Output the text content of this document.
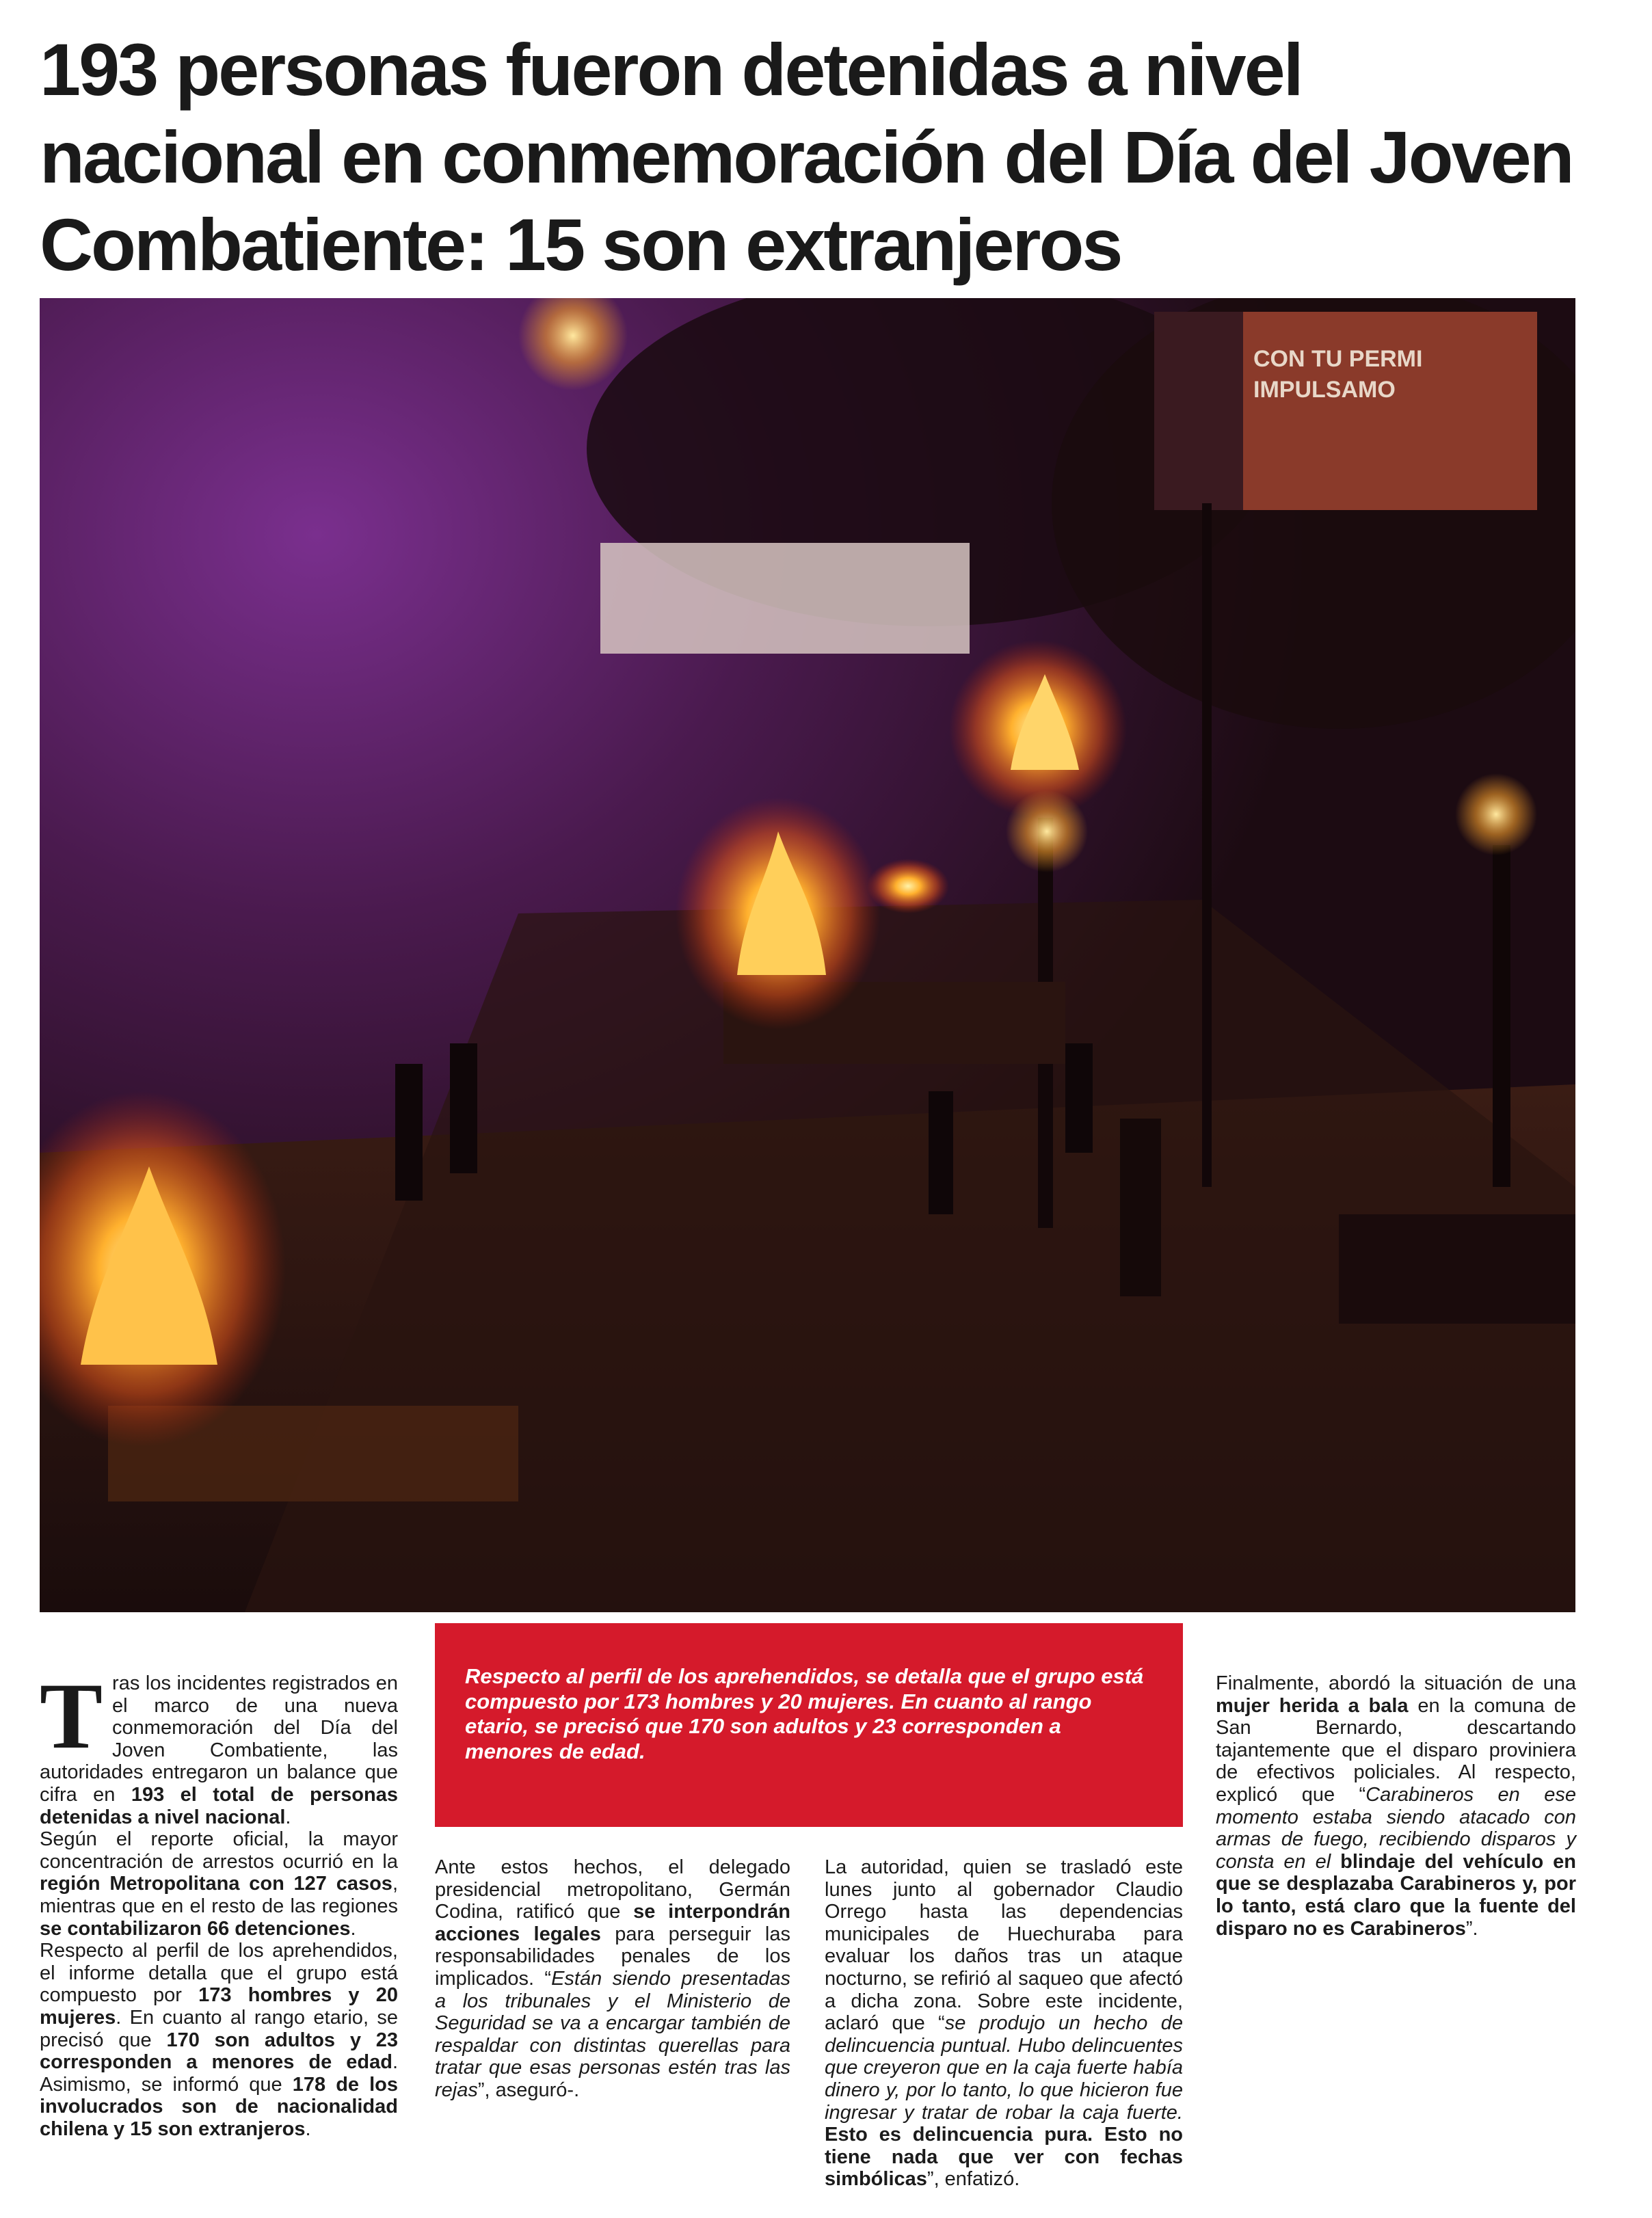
193 personas fueron detenidas a nivel nacional en conmemoración del Día del Joven Combatiente: 15 son extranjeros
CON TU PERMI
IMPULSAMO
Respecto al perfil de los aprehendidos, se detalla que el grupo está compuesto por 173 hombres y 20 mujeres. En cuanto al rango etario, se precisó que 170 son adultos y 23 corresponden a menores de edad.

Tras los incidentes registrados en el marco de una nueva conmemoración del Día del Joven Combatiente, las autoridades entregaron un balance que cifra en 193 el total de personas detenidas a nivel nacional.

Según el reporte oficial, la mayor concentración de arrestos ocurrió en la región Metropolitana con 127 casos, mientras que en el resto de las regiones se contabilizaron 66 detenciones.

Respecto al perfil de los aprehendidos, el informe detalla que el grupo está compuesto por 173 hombres y 20 mujeres. En cuanto al rango etario, se precisó que 170 son adultos y 23 corresponden a menores de edad. Asimismo, se informó que 178 de los involucrados son de nacionalidad chilena y 15 son extranjeros.

Ante estos hechos, el delegado presidencial metropolitano, Germán Codina, ratificó que se interpondrán acciones legales para perseguir las responsabilidades penales de los implicados. “Están siendo presentadas a los tribunales y el Ministerio de Seguridad se va a encargar también de respaldar con distintas querellas para tratar que esas personas estén tras las rejas”, aseguró-.

La autoridad, quien se trasladó este lunes junto al gobernador Claudio Orrego hasta las dependencias municipales de Huechuraba para evaluar los daños tras un ataque nocturno, se refirió al saqueo que afectó a dicha zona. Sobre este incidente, aclaró que “se produjo un hecho de delincuencia puntual. Hubo delincuentes que creyeron que en la caja fuerte había dinero y, por lo tanto, lo que hicieron fue ingresar y tratar de robar la caja fuerte. Esto es delincuencia pura. Esto no tiene nada que ver con fechas simbólicas”, enfatizó.

Finalmente, abordó la situación de una mujer herida a bala en la comuna de San Bernardo, descartando tajantemente que el disparo proviniera de efectivos policiales. Al respecto, explicó que “Carabineros en ese momento estaba siendo atacado con armas de fuego, recibiendo disparos y consta en el blindaje del vehículo en que se desplazaba Carabineros y, por lo tanto, está claro que la fuente del disparo no es Carabineros”.
